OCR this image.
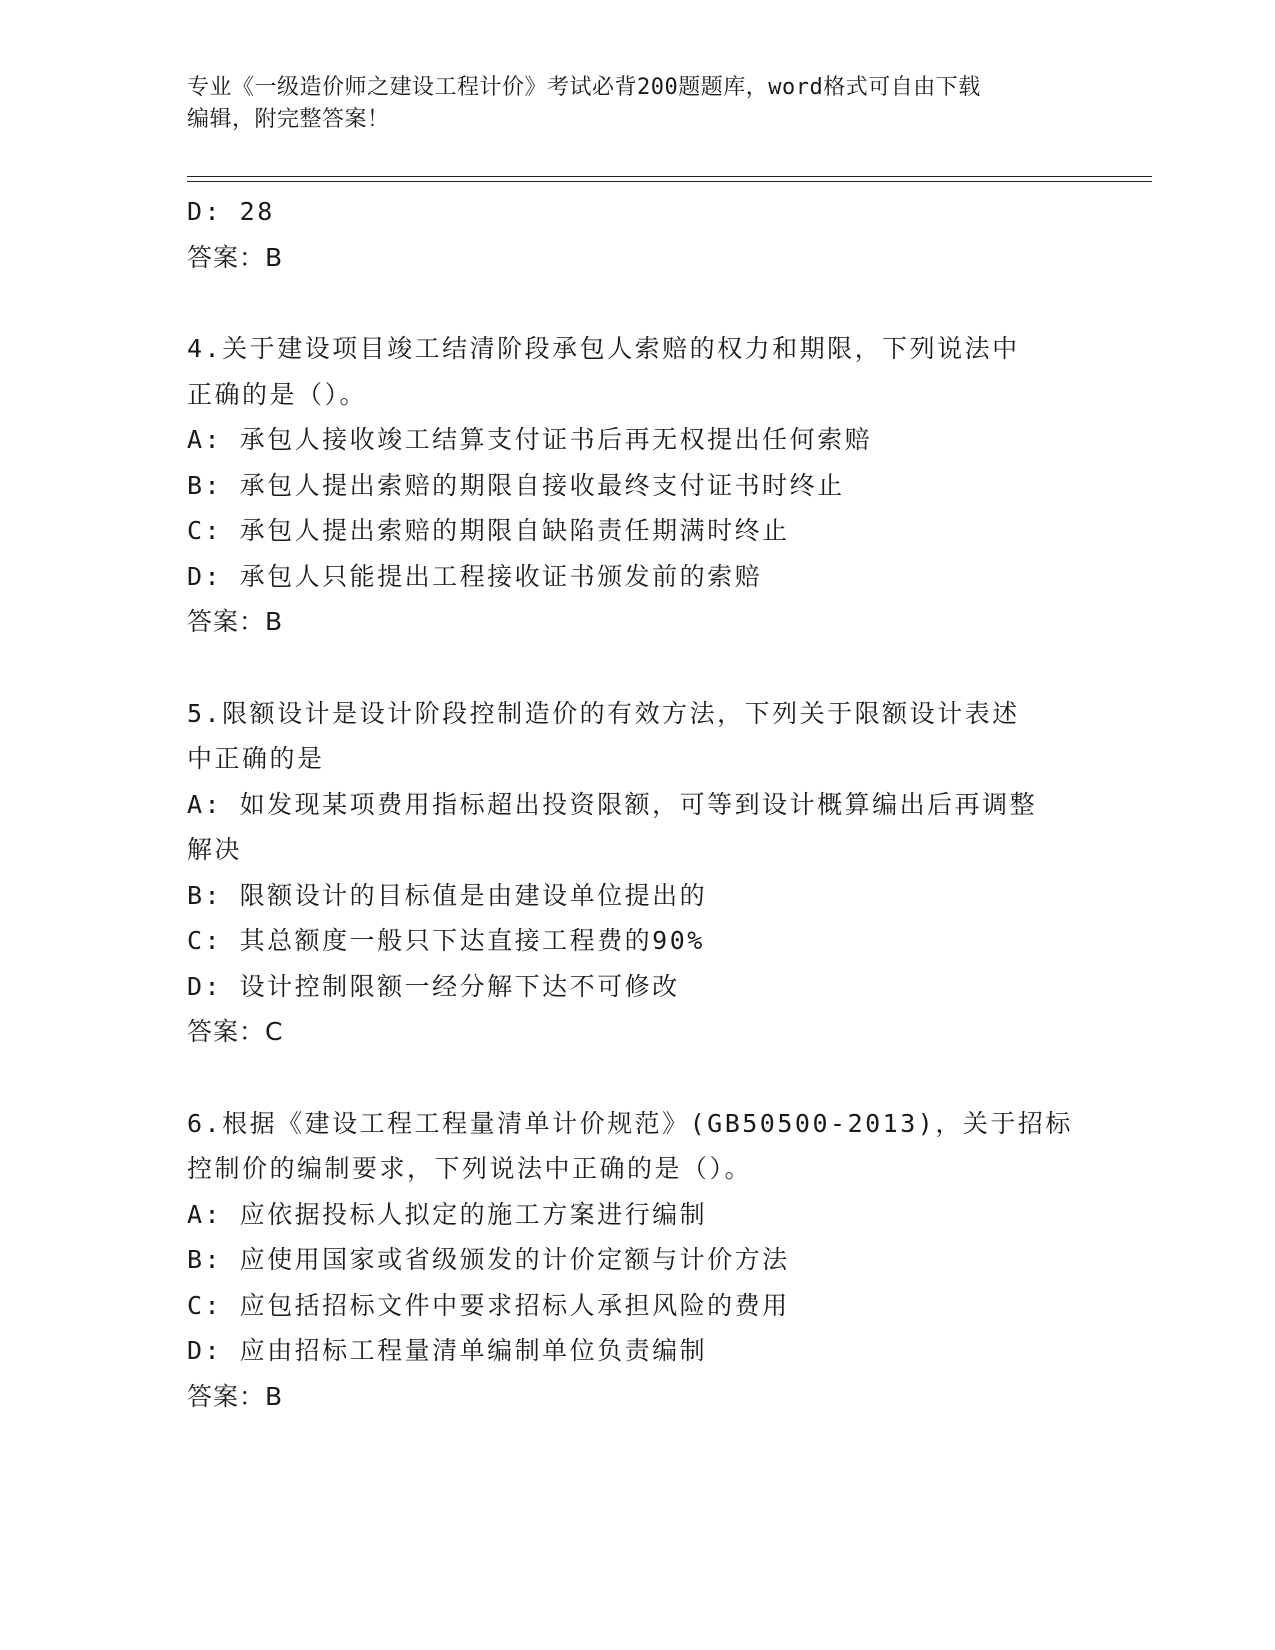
专业《一级造价师之建设工程计价》考试必背200题题库，word格式可自由下载
编辑，附完整答案！
D: 28
答案：B
4.关于建设项目竣工结清阶段承包人索赔的权力和期限，下列说法中
正确的是（）。
A: 承包人接收竣工结算支付证书后再无权提出任何索赔
B: 承包人提出索赔的期限自接收最终支付证书时终止
C: 承包人提出索赔的期限自缺陷责任期满时终止
D: 承包人只能提出工程接收证书颁发前的索赔
答案：B
5.限额设计是设计阶段控制造价的有效方法，下列关于限额设计表述
中正确的是
A: 如发现某项费用指标超出投资限额，可等到设计概算编出后再调整
解决
B: 限额设计的目标值是由建设单位提出的
C: 其总额度一般只下达直接工程费的90%
D: 设计控制限额一经分解下达不可修改
答案：C
6.根据《建设工程工程量清单计价规范》(GB50500-2013)，关于招标
控制价的编制要求，下列说法中正确的是（）。
A: 应依据投标人拟定的施工方案进行编制
B: 应使用国家或省级颁发的计价定额与计价方法
C: 应包括招标文件中要求招标人承担风险的费用
D: 应由招标工程量清单编制单位负责编制
答案：B
